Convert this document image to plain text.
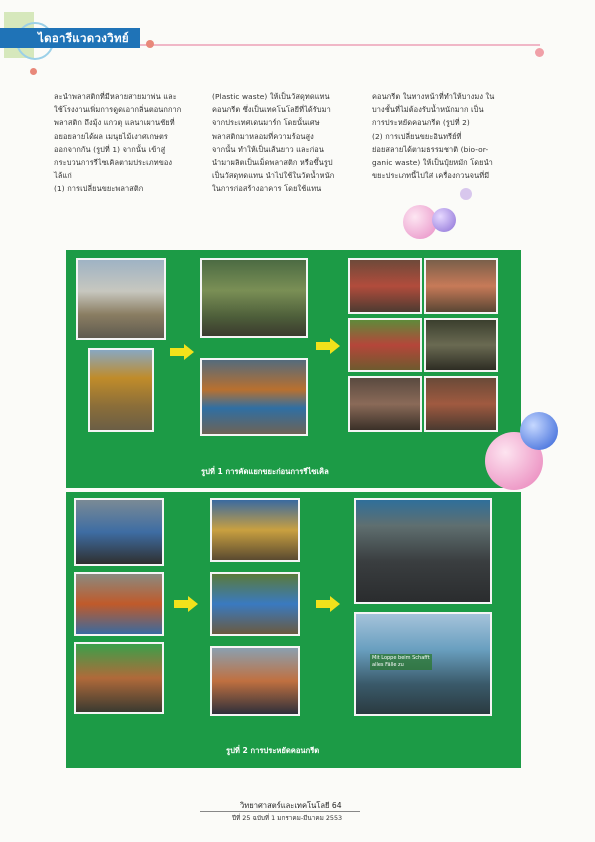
ไดอารีแวดวงวิทย์
ละนำพลาสติกที่มีหลายสายมาพ่น และ
ใช้โรงงานเพิ่มการดูดเอากลิ่นตอนกกาก
พลาสติก ถึงมุ้ง แกวตุ แลนาเผานชัยที่
อยอยลายได้ผล เมนุยไม้เงาศเกษตร
ออกจากกัน (รูปที่ 1) จากนั้น เข้าสู่
กระบวนการรีไซเคิลตามประเภทของ
ไล้แก่
(1) การเปลี่ยนขยะพลาสติก
(Plastic waste) ให้เป็นวัสดุทดแทน
คอนกรีต ซึ่งเป็นเทคโนโลยีที่ได้รับมา
จากประเทศเดนมาร์ก โดยนั้นเศษ
พลาสติกมาหลอมที่ความร้อนสูง
จากนั้น ทำให้เป็นเส้นยาว และก่อน
นำมาผลิตเป็นเม็ดพลาสติก หรือขึ้นรูป
เป็นวัสดุทดแทน นำไปใช้ในวัตน้ำหนัก
ในการก่อสร้างอาคาร โดยใช้แทน
คอนกรีต ในทางหน้าที่ทำให้บางมง ใน
บางชั้นที่ไม่ต้องรับน้ำหนักมาก เป็น
การประหยัดคอนกรีต (รูปที่ 2)
(2) การเปลี่ยนขยะอินทรีย์ที่
ย่อยสลายได้ตามธรรมชาติ (bio-or-
ganic waste) ให้เป็นปุ๋ยหมัก โดยนำ
ขยะประเภทนี้ไปใส่ เครื่องกวนจนที่มี
รูปที่ 1 การคัดแยกขยะก่อนการรีไซเคิล
Mit Loppe beim Schafft alles Fälle zu
รูปที่ 2 การประหยัดคอนกรีต
วิทยาศาสตร์และเทคโนโลยี 64
ปีที่ 25 ฉบับที่ 1 มกราคม-มีนาคม 2553
